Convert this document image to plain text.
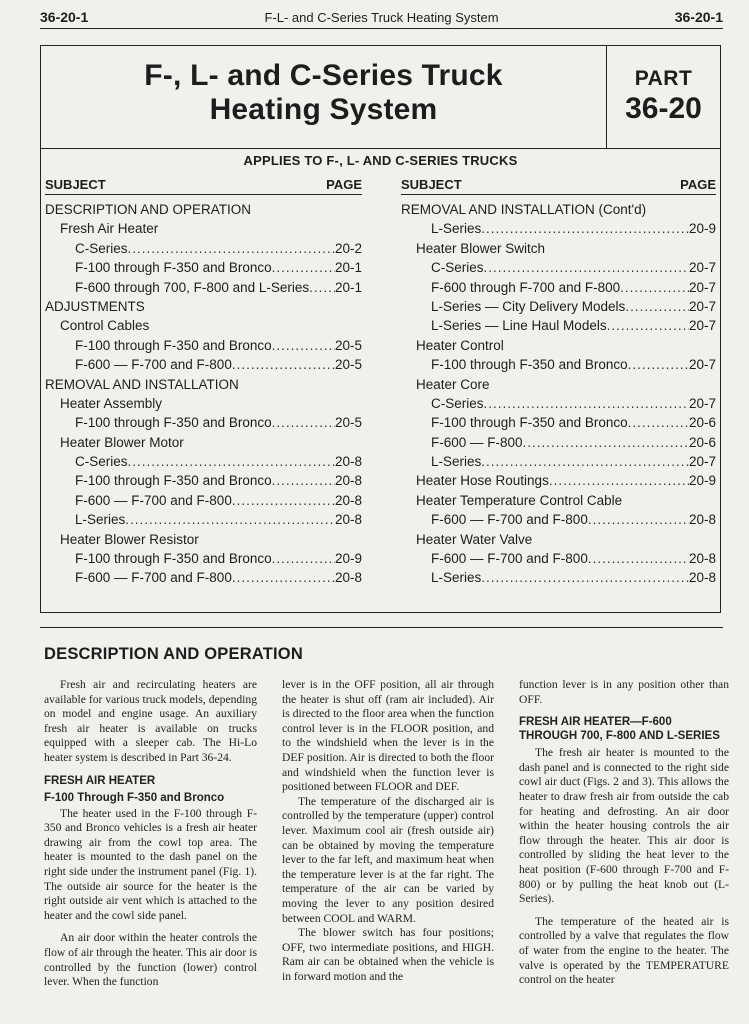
36-20-1	F-L- and C-Series Truck Heating System	36-20-1
F-, L- and C-Series Truck
Heating System
PART
36-20
APPLIES TO F-, L- AND C-SERIES TRUCKS
SUBJECT	PAGE
DESCRIPTION AND OPERATION
Fresh Air Heater
C-Series .....	20-2
F-100 through F-350 and Bronco .....	20-1
F-600 through 700, F-800 and L-Series ..... 20-1
ADJUSTMENTS
Control Cables
F-100 through F-350 and Bronco .....	20-5
F-600 — F-700 and F-800 .....	20-5
REMOVAL AND INSTALLATION
Heater Assembly
F-100 through F-350 and Bronco .....	20-5
Heater Blower Motor
C-Series .....	20-8
F-100 through F-350 and Bronco .....	20-8
F-600 — F-700 and F-800 .....	20-8
L-Series .....	20-8
Heater Blower Resistor
F-100 through F-350 and Bronco .....	20-9
F-600 — F-700 and F-800 .....	20-8
SUBJECT	PAGE
REMOVAL AND INSTALLATION (Cont'd)
L-Series .....	20-9
Heater Blower Switch
C-Series .....	20-7
F-600 through F-700 and F-800 .....	20-7
L-Series — City Delivery Models .....	20-7
L-Series — Line Haul Models .....	20-7
Heater Control
F-100 through F-350 and Bronco .....	20-7
Heater Core
C-Series .....	20-7
F-100 through F-350 and Bronco .....	20-6
F-600 — F-800 .....	20-6
L-Series .....	20-7
Heater Hose Routings .....	20-9
Heater Temperature Control Cable
F-600 — F-700 and F-800 .....	20-8
Heater Water Valve
F-600 — F-700 and F-800 .....	20-8
L-Series .....	20-8
DESCRIPTION AND OPERATION

Fresh air and recirculating heaters are available for various truck models, depending on model and engine usage. An auxiliary fresh air heater is available on trucks equipped with a sleeper cab. The Hi-Lo heater system is described in Part 36-24.

FRESH AIR HEATER
F-100 Through F-350 and Bronco

The heater used in the F-100 through F-350 and Bronco vehicles is a fresh air heater drawing air from the cowl top area. The heater is mounted to the dash panel on the right side under the instrument panel (Fig. 1). The outside air source for the heater is the right outside air vent which is attached to the heater and the cowl side panel.

An air door within the heater controls the flow of air through the heater. This air door is controlled by the function (lower) control lever. When the function

lever is in the OFF position, all air through the heater is shut off (ram air included). Air is directed to the floor area when the function control lever is in the FLOOR position, and to the windshield when the lever is in the DEF position. Air is directed to both the floor and windshield when the function lever is positioned between FLOOR and DEF.

The temperature of the discharged air is controlled by the temperature (upper) control lever. Maximum cool air (fresh outside air) can be obtained by moving the temperature lever to the far left, and maximum heat when the temperature lever is at the far right. The temperature of the air can be varied by moving the lever to any position desired between COOL and WARM.

The blower switch has four positions; OFF, two intermediate positions, and HIGH. Ram air can be obtained when the vehicle is in forward motion and the

function lever is in any position other than OFF.

FRESH AIR HEATER—F-600 THROUGH 700, F-800 AND L-SERIES

The fresh air heater is mounted to the dash panel and is connected to the right side cowl air duct (Figs. 2 and 3). This allows the heater to draw fresh air from outside the cab for heating and defrosting. An air door within the heater housing controls the air flow through the heater. This air door is controlled by sliding the heat lever to the heat position (F-600 through F-700 and F-800) or by pulling the heat knob out (L-Series).

The temperature of the heated air is controlled by a valve that regulates the flow of water from the engine to the heater. The valve is operated by the TEMPERATURE control on the heater
